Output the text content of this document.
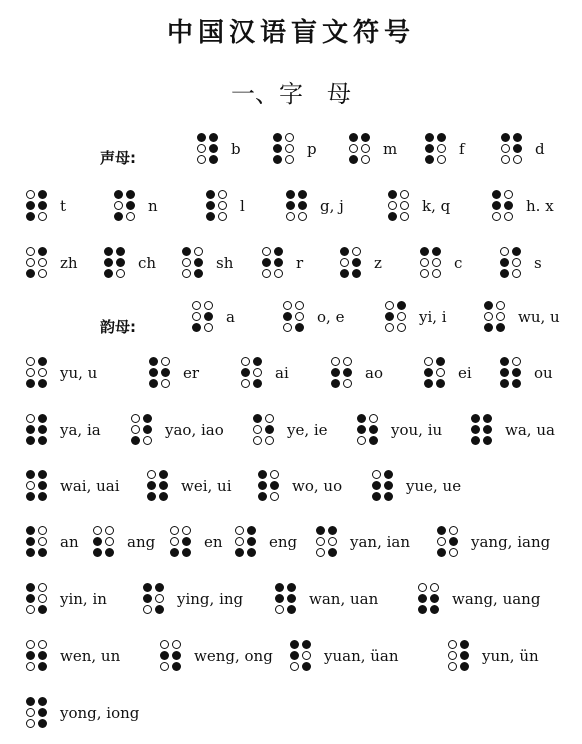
中国汉语盲文符号
一、字　母
声母:	b	p	m	f	d
t	n	l	g, j	k, q	h. x
zh	ch	sh	r	z	c	s
韵母:
a	o, e	yi, i	wu, u
yu, u	er	ai	ao	ei	ou
ya, ia	yao, iao	ye, ie	you, iu	wa, ua
wai, uai	wei, ui	wo, uo	yue, ue
an	ang	en	eng	yan, ian	yang, iang
yin, in	ying, ing	wan, uan	wang, uang
wen, un	weng, ong	yuan, üan	yun, ün
yong, iong
